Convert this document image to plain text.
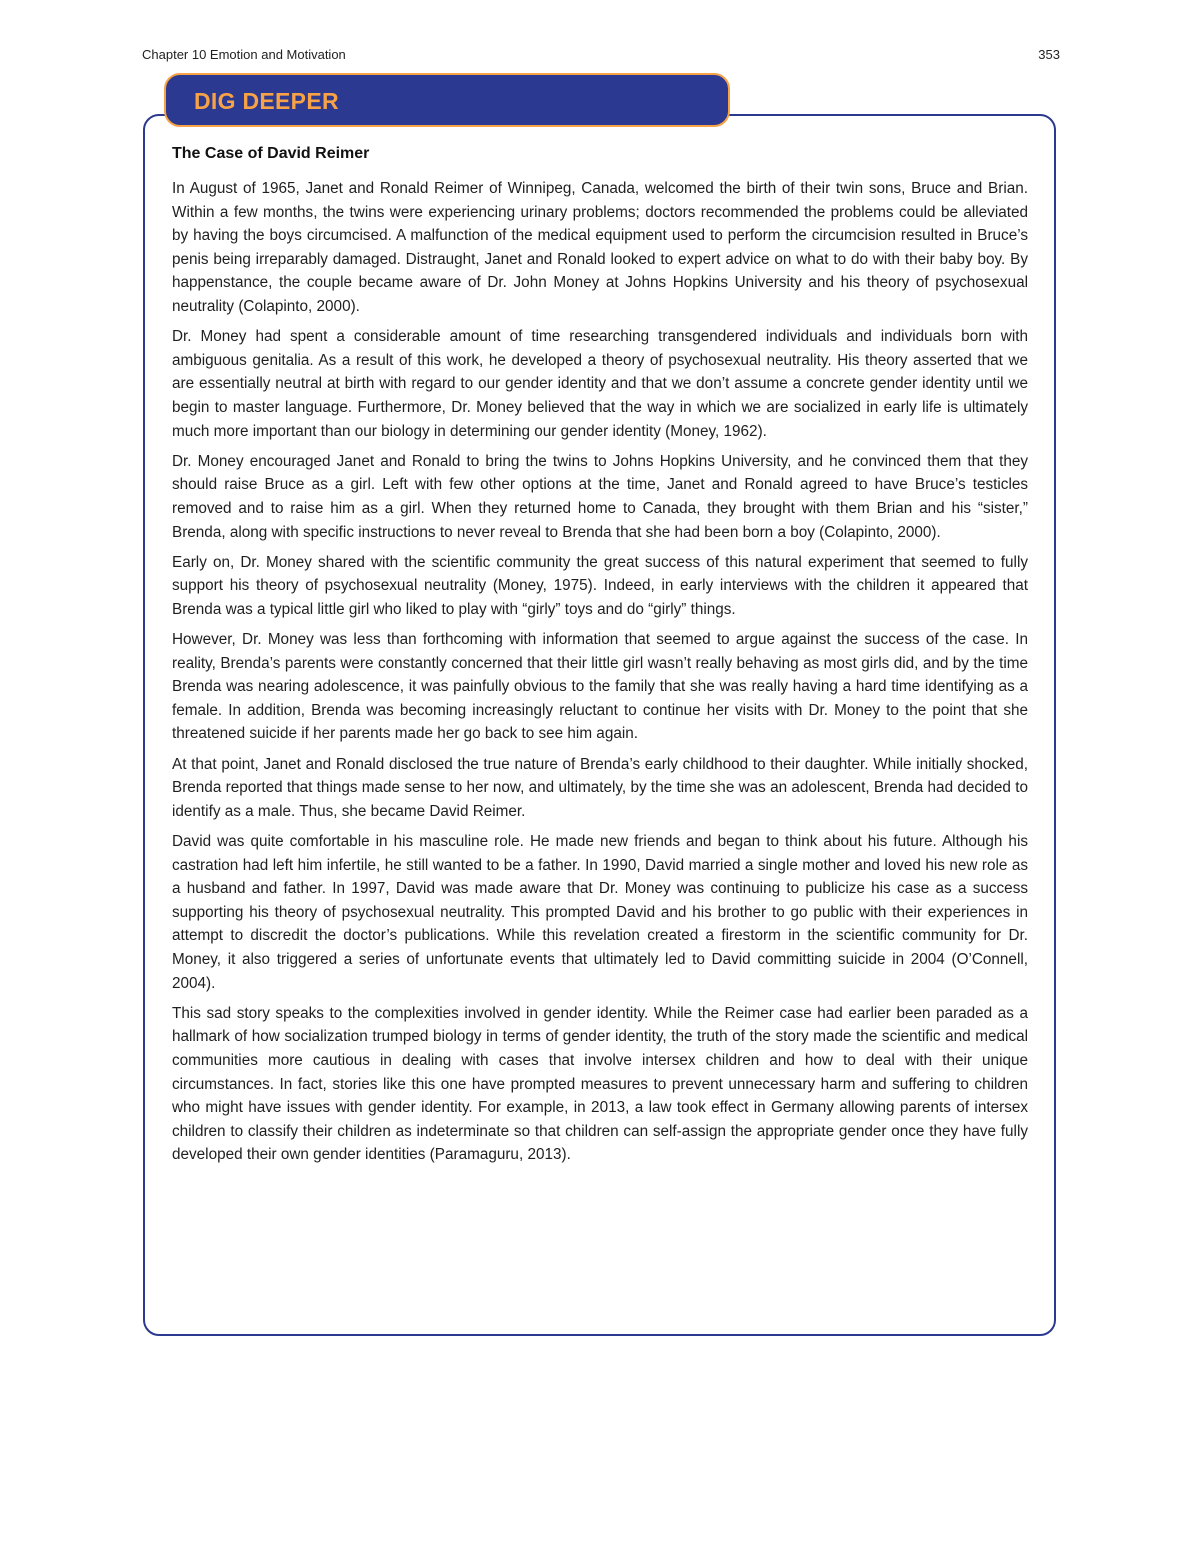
Chapter 10 Emotion and Motivation	353
DIG DEEPER
The Case of David Reimer

In August of 1965, Janet and Ronald Reimer of Winnipeg, Canada, welcomed the birth of their twin sons, Bruce and Brian. Within a few months, the twins were experiencing urinary problems; doctors recommended the problems could be alleviated by having the boys circumcised. A malfunction of the medical equipment used to perform the circumcision resulted in Bruce’s penis being irreparably damaged. Distraught, Janet and Ronald looked to expert advice on what to do with their baby boy. By happenstance, the couple became aware of Dr. John Money at Johns Hopkins University and his theory of psychosexual neutrality (Colapinto, 2000).

Dr. Money had spent a considerable amount of time researching transgendered individuals and individuals born with ambiguous genitalia. As a result of this work, he developed a theory of psychosexual neutrality. His theory asserted that we are essentially neutral at birth with regard to our gender identity and that we don’t assume a concrete gender identity until we begin to master language. Furthermore, Dr. Money believed that the way in which we are socialized in early life is ultimately much more important than our biology in determining our gender identity (Money, 1962).

Dr. Money encouraged Janet and Ronald to bring the twins to Johns Hopkins University, and he convinced them that they should raise Bruce as a girl. Left with few other options at the time, Janet and Ronald agreed to have Bruce’s testicles removed and to raise him as a girl. When they returned home to Canada, they brought with them Brian and his “sister,” Brenda, along with specific instructions to never reveal to Brenda that she had been born a boy (Colapinto, 2000).

Early on, Dr. Money shared with the scientific community the great success of this natural experiment that seemed to fully support his theory of psychosexual neutrality (Money, 1975). Indeed, in early interviews with the children it appeared that Brenda was a typical little girl who liked to play with “girly” toys and do “girly” things.

However, Dr. Money was less than forthcoming with information that seemed to argue against the success of the case. In reality, Brenda’s parents were constantly concerned that their little girl wasn’t really behaving as most girls did, and by the time Brenda was nearing adolescence, it was painfully obvious to the family that she was really having a hard time identifying as a female. In addition, Brenda was becoming increasingly reluctant to continue her visits with Dr. Money to the point that she threatened suicide if her parents made her go back to see him again.

At that point, Janet and Ronald disclosed the true nature of Brenda’s early childhood to their daughter. While initially shocked, Brenda reported that things made sense to her now, and ultimately, by the time she was an adolescent, Brenda had decided to identify as a male. Thus, she became David Reimer.

David was quite comfortable in his masculine role. He made new friends and began to think about his future. Although his castration had left him infertile, he still wanted to be a father. In 1990, David married a single mother and loved his new role as a husband and father. In 1997, David was made aware that Dr. Money was continuing to publicize his case as a success supporting his theory of psychosexual neutrality. This prompted David and his brother to go public with their experiences in attempt to discredit the doctor’s publications. While this revelation created a firestorm in the scientific community for Dr. Money, it also triggered a series of unfortunate events that ultimately led to David committing suicide in 2004 (O’Connell, 2004).

This sad story speaks to the complexities involved in gender identity. While the Reimer case had earlier been paraded as a hallmark of how socialization trumped biology in terms of gender identity, the truth of the story made the scientific and medical communities more cautious in dealing with cases that involve intersex children and how to deal with their unique circumstances. In fact, stories like this one have prompted measures to prevent unnecessary harm and suffering to children who might have issues with gender identity. For example, in 2013, a law took effect in Germany allowing parents of intersex children to classify their children as indeterminate so that children can self-assign the appropriate gender once they have fully developed their own gender identities (Paramaguru, 2013).
